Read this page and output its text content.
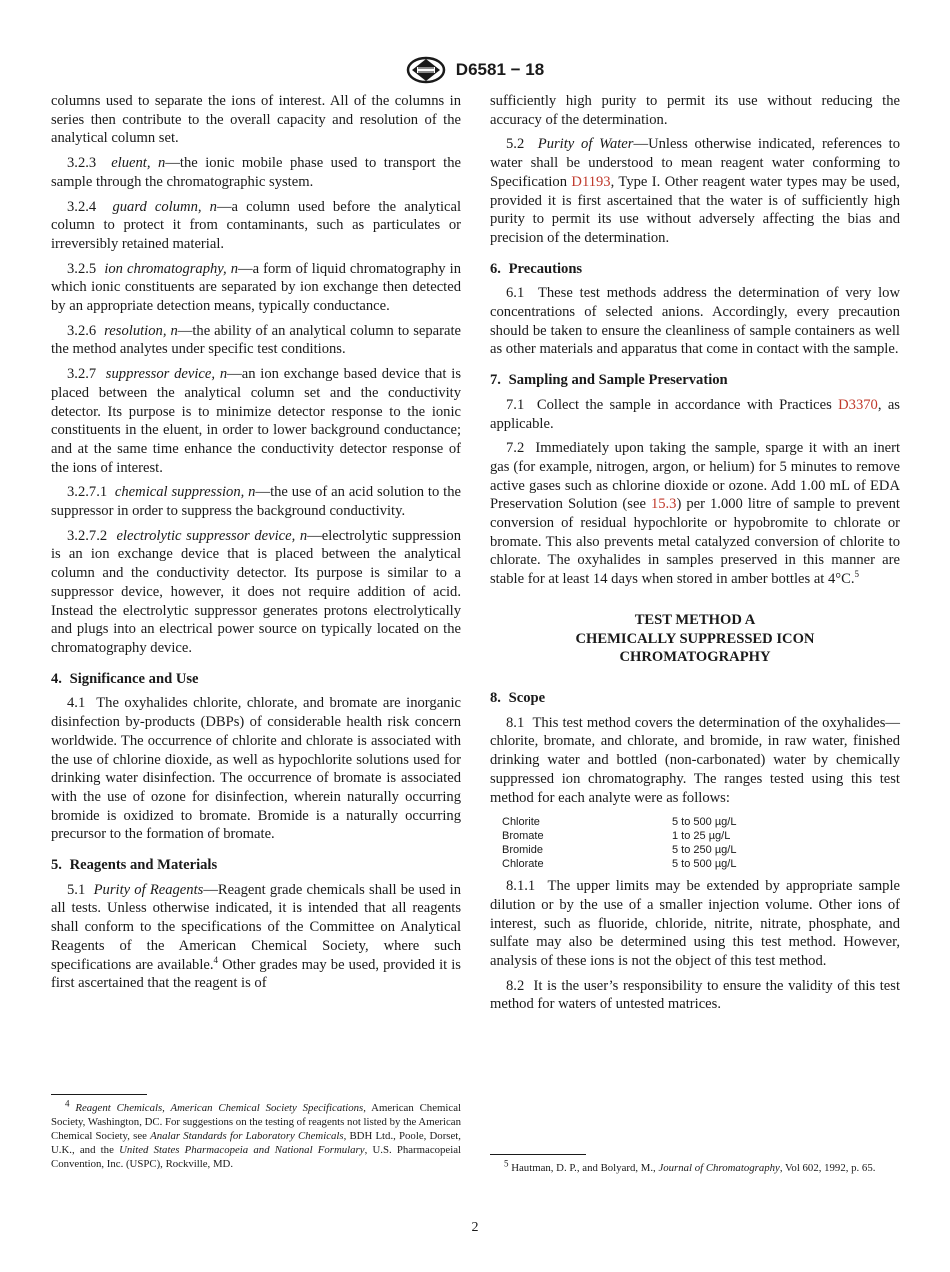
D6581 − 18

columns used to separate the ions of interest. All of the columns in series then contribute to the overall capacity and resolution of the analytical column set.

3.2.3 eluent, n—the ionic mobile phase used to transport the sample through the chromatographic system.

3.2.4 guard column, n—a column used before the analytical column to protect it from contaminants, such as particulates or irreversibly retained material.

3.2.5 ion chromatography, n—a form of liquid chromatography in which ionic constituents are separated by ion exchange then detected by an appropriate detection means, typically conductance.

3.2.6 resolution, n—the ability of an analytical column to separate the method analytes under specific test conditions.

3.2.7 suppressor device, n—an ion exchange based device that is placed between the analytical column set and the conductivity detector. Its purpose is to minimize detector response to the ionic constituents in the eluent, in order to lower background conductance; and at the same time enhance the conductivity detector response of the ions of interest.

3.2.7.1 chemical suppression, n—the use of an acid solution to the suppressor in order to suppress the background conductivity.

3.2.7.2 electrolytic suppressor device, n—electrolytic suppression is an ion exchange device that is placed between the analytical column and the conductivity detector. Its purpose is similar to a suppressor device, however, it does not require addition of acid. Instead the electrolytic suppressor generates protons electrolytically and plugs into an electrical power source on typically located on the chromatography device.

4. Significance and Use

4.1 The oxyhalides chlorite, chlorate, and bromate are inorganic disinfection by-products (DBPs) of considerable health risk concern worldwide. The occurrence of chlorite and chlorate is associated with the use of chlorine dioxide, as well as hypochlorite solutions used for drinking water disinfection. The occurrence of bromate is associated with the use of ozone for disinfection, wherein naturally occurring bromide is oxidized to bromate. Bromide is a naturally occurring precursor to the formation of bromate.

5. Reagents and Materials

5.1 Purity of Reagents—Reagent grade chemicals shall be used in all tests. Unless otherwise indicated, it is intended that all reagents shall conform to the specifications of the Committee on Analytical Reagents of the American Chemical Society, where such specifications are available.$^4$ Other grades may be used, provided it is first ascertained that the reagent is of

$^4$ Reagent Chemicals, American Chemical Society Specifications, American Chemical Society, Washington, DC. For suggestions on the testing of reagents not listed by the American Chemical Society, see Analar Standards for Laboratory Chemicals, BDH Ltd., Poole, Dorset, U.K., and the United States Pharmacopeia and National Formulary, U.S. Pharmacopeial Convention, Inc. (USPC), Rockville, MD.

sufficiently high purity to permit its use without reducing the accuracy of the determination.

5.2 Purity of Water—Unless otherwise indicated, references to water shall be understood to mean reagent water conforming to Specification D1193, Type I. Other reagent water types may be used, provided it is first ascertained that the water is of sufficiently high purity to permit its use without adversely affecting the bias and precision of the determination.

6. Precautions

6.1 These test methods address the determination of very low concentrations of selected anions. Accordingly, every precaution should be taken to ensure the cleanliness of sample containers as well as other materials and apparatus that come in contact with the sample.

7. Sampling and Sample Preservation

7.1 Collect the sample in accordance with Practices D3370, as applicable.

7.2 Immediately upon taking the sample, sparge it with an inert gas (for example, nitrogen, argon, or helium) for 5 minutes to remove active gases such as chlorine dioxide or ozone. Add 1.00 mL of EDA Preservation Solution (see 15.3) per 1.000 litre of sample to prevent conversion of residual hypochlorite or hypobromite to chlorate or bromate. This also prevents metal catalyzed conversion of chlorite to chlorate. The oxyhalides in samples preserved in this manner are stable for at least 14 days when stored in amber bottles at 4°C.$^5$

TEST METHOD A
CHEMICALLY SUPPRESSED ICON
CHROMATOGRAPHY
8. Scope

8.1 This test method covers the determination of the oxyhalides—chlorite, bromate, and chlorate, and bromide, in raw water, finished drinking water and bottled (non-carbonated) water by chemically suppressed ion chromatography. The ranges tested using this test method for each analyte were as follows:

Chlorite	5 to 500 µg/L
Bromate	1 to 25 µg/L
Bromide	5 to 250 µg/L
Chlorate	5 to 500 µg/L

8.1.1 The upper limits may be extended by appropriate sample dilution or by the use of a smaller injection volume. Other ions of interest, such as fluoride, chloride, nitrite, nitrate, phosphate, and sulfate may also be determined using this test method. However, analysis of these ions is not the object of this test method.

8.2 It is the user’s responsibility to ensure the validity of this test method for waters of untested matrices.

$^5$ Hautman, D. P., and Bolyard, M., Journal of Chromatography, Vol 602, 1992, p. 65.

2
